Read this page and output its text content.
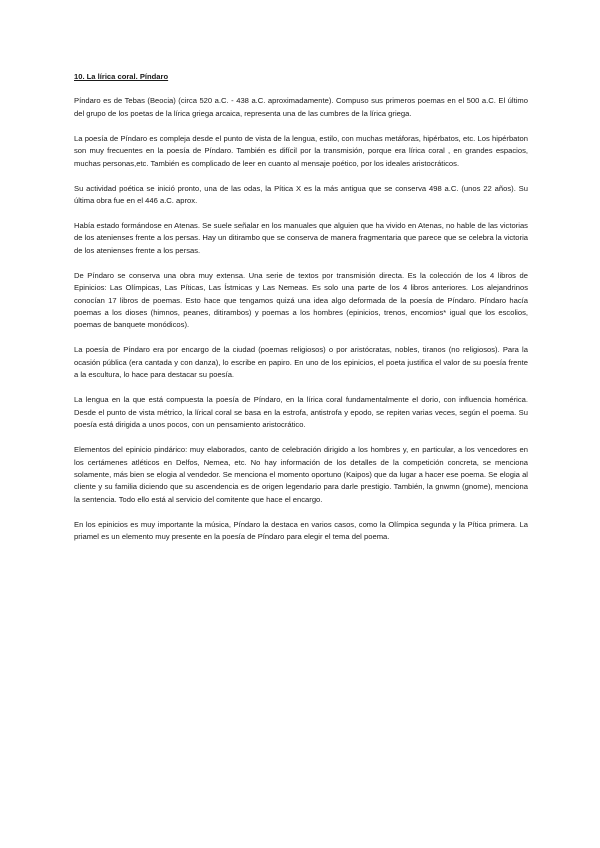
10. La lírica coral. Píndaro

Píndaro es de Tebas (Beocia) (circa 520 a.C. - 438 a.C. aproximadamente). Compuso sus primeros poemas en el 500 a.C. El último del grupo de los poetas de la lírica griega arcaica, representa una de las cumbres de la lírica griega.

La poesía de Píndaro es compleja desde el punto de vista de la lengua, estilo, con muchas metáforas, hipérbatos, etc. Los hipérbaton son muy frecuentes en la poesía de Píndaro. También es difícil por la transmisión, porque era lírica coral , en grandes espacios, muchas personas,etc. También es complicado de leer en cuanto al mensaje poético, por los ideales aristocráticos.

Su actividad poética se inició pronto, una de las odas, la Pítica X es la más antigua que se conserva 498 a.C. (unos 22 años). Su última obra fue en el 446 a.C. aprox.

Había estado formándose en Atenas. Se suele señalar en los manuales que alguien que ha vivido en Atenas, no hable de las victorias de los atenienses frente a los persas. Hay un ditirambo que se conserva de manera fragmentaria que parece que se celebra la victoria de los atenienses frente a los persas.

De Píndaro se conserva una obra muy extensa. Una serie de textos por transmisión directa. Es la colección de los 4 libros de Epinicios: Las Olímpicas, Las Píticas, Las Ístmicas y Las Nemeas. Es solo una parte de los 4 libros anteriores. Los alejandrinos conocían 17 libros de poemas. Esto hace que tengamos quizá una idea algo deformada de la poesía de Píndaro. Píndaro hacía poemas a los dioses (himnos, peanes, ditirambos) y poemas a los hombres (epinicios, trenos, encomios* igual que los escolios, poemas de banquete monódicos).

La poesía de Píndaro era por encargo de la ciudad (poemas religiosos) o por aristócratas, nobles, tiranos (no religiosos). Para la ocasión pública (era cantada y con danza), lo escribe en papiro. En uno de los epinicios, el poeta justifica el valor de su poesía frente a la escultura, lo hace para destacar su poesía.

La lengua en la que está compuesta la poesía de Píndaro, en la lírica coral fundamentalmente el dorio, con influencia homérica. Desde el punto de vista métrico, la lírical coral se basa en la estrofa, antistrofa y epodo, se repiten varias veces, según el poema. Su poesía está dirigida a unos pocos, con un pensamiento aristocrático.

Elementos del epinicio pindárico: muy elaborados, canto de celebración dirigido a los hombres y, en particular, a los vencedores en los certámenes atléticos en Delfos, Nemea, etc. No hay información de los detalles de la competición concreta, se menciona solamente, más bien se elogia al vendedor. Se menciona el momento oportuno (Kaipos) que da lugar a hacer ese poema. Se elogia al cliente y su familia diciendo que su ascendencia es de origen legendario para darle prestigio. También, la gnwmn (gnome), menciona la sentencia. Todo ello está al servicio del comitente que hace el encargo.

En los epinicios es muy importante la música, Píndaro la destaca en varios casos, como la Olímpica segunda y la Pítica primera. La priamel es un elemento muy presente en la poesía de Píndaro para elegir el tema del poema.
